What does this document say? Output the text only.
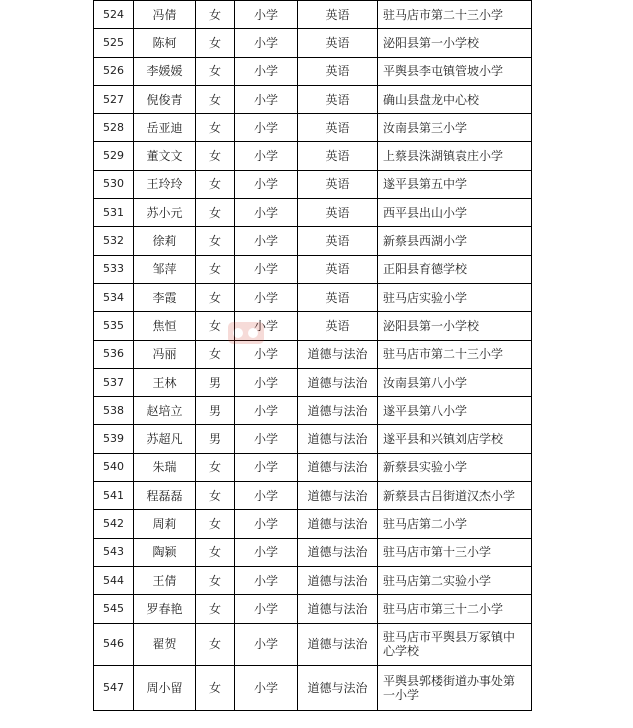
524	冯倩	女	小学	英语	驻马店市第二十三小学
525	陈柯	女	小学	英语	泌阳县第一小学校
526	李媛媛	女	小学	英语	平舆县李屯镇管坡小学
527	倪俊青	女	小学	英语	确山县盘龙中心校
528	岳亚迪	女	小学	英语	汝南县第三小学
529	董文文	女	小学	英语	上蔡县洙湖镇袁庄小学
530	王玲玲	女	小学	英语	遂平县第五中学
531	苏小元	女	小学	英语	西平县出山小学
532	徐莉	女	小学	英语	新蔡县西湖小学
533	邹萍	女	小学	英语	正阳县育德学校
534	李霞	女	小学	英语	驻马店实验小学
535	焦恒	女	小学	英语	泌阳县第一小学校
536	冯丽	女	小学	道德与法治	驻马店市第二十三小学
537	王林	男	小学	道德与法治	汝南县第八小学
538	赵培立	男	小学	道德与法治	遂平县第八小学
539	苏超凡	男	小学	道德与法治	遂平县和兴镇刘店学校
540	朱瑞	女	小学	道德与法治	新蔡县实验小学
541	程磊磊	女	小学	道德与法治	新蔡县古吕街道汉杰小学
542	周莉	女	小学	道德与法治	驻马店第二小学
543	陶颖	女	小学	道德与法治	驻马店市第十三小学
544	王倩	女	小学	道德与法治	驻马店第二实验小学
545	罗春艳	女	小学	道德与法治	驻马店市第三十二小学
546	翟贺	女	小学	道德与法治	驻马店市平舆县万冢镇中心学校
547	周小留	女	小学	道德与法治	平舆县郭楼街道办事处第一小学
